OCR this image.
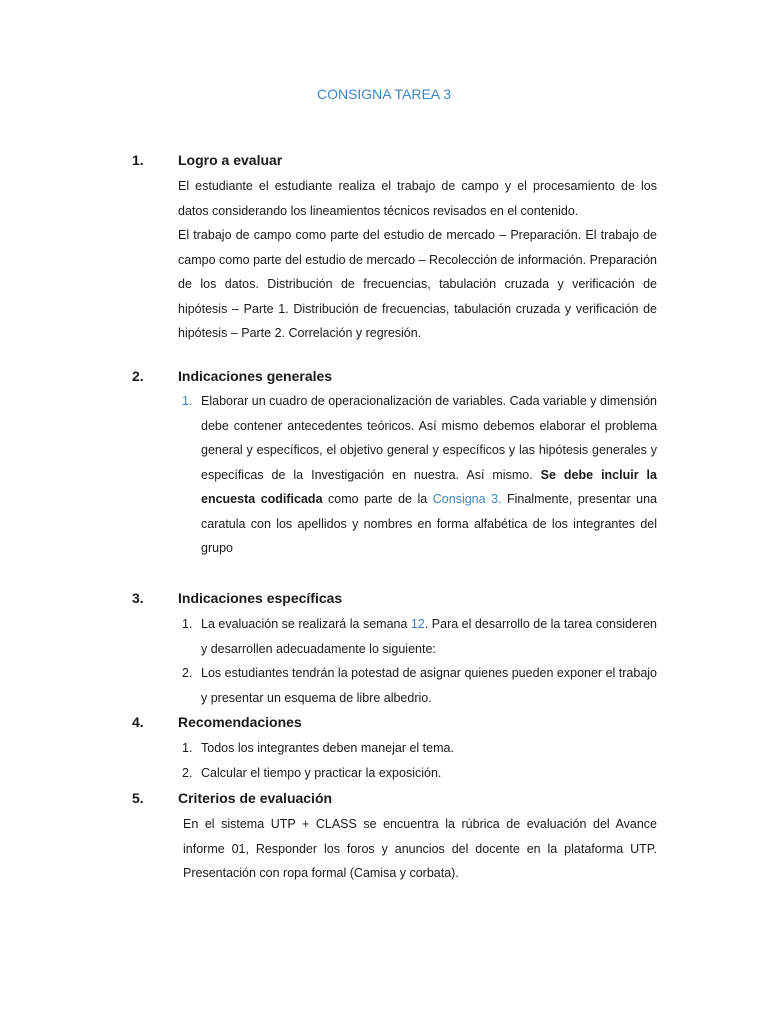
CONSIGNA TAREA 3
1. Logro a evaluar

El estudiante el estudiante realiza el trabajo de campo y el procesamiento de los datos considerando los lineamientos técnicos revisados en el contenido.

El trabajo de campo como parte del estudio de mercado – Preparación. El trabajo de campo como parte del estudio de mercado – Recolección de información. Preparación de los datos. Distribución de frecuencias, tabulación cruzada y verificación de hipótesis – Parte 1. Distribución de frecuencias, tabulación cruzada y verificación de hipótesis – Parte 2. Correlación y regresión.

2. Indicaciones generales
1. Elaborar un cuadro de operacionalización de variables. Cada variable y dimensión debe contener antecedentes teóricos. Así mismo debemos elaborar el problema general y específicos, el objetivo general y específicos y las hipótesis generales y específicas de la Investigación en nuestra. Así mismo. Se debe incluir la encuesta codificada como parte de la Consigna 3. Finalmente, presentar una caratula con los apellidos y nombres en forma alfabética de los integrantes del grupo

3. Indicaciones específicas
1. La evaluación se realizará la semana 12. Para el desarrollo de la tarea consideren y desarrollen adecuadamente lo siguiente:

2. Los estudiantes tendrán la potestad de asignar quienes pueden exponer el trabajo y presentar un esquema de libre albedrio.

4. Recomendaciones
1. Todos los integrantes deben manejar el tema.

2. Calcular el tiempo y practicar la exposición.

5. Criterios de evaluación

En el sistema UTP + CLASS se encuentra la rúbrica de evaluación del Avance informe 01, Responder los foros y anuncios del docente en la plataforma UTP. Presentación con ropa formal (Camisa y corbata).
